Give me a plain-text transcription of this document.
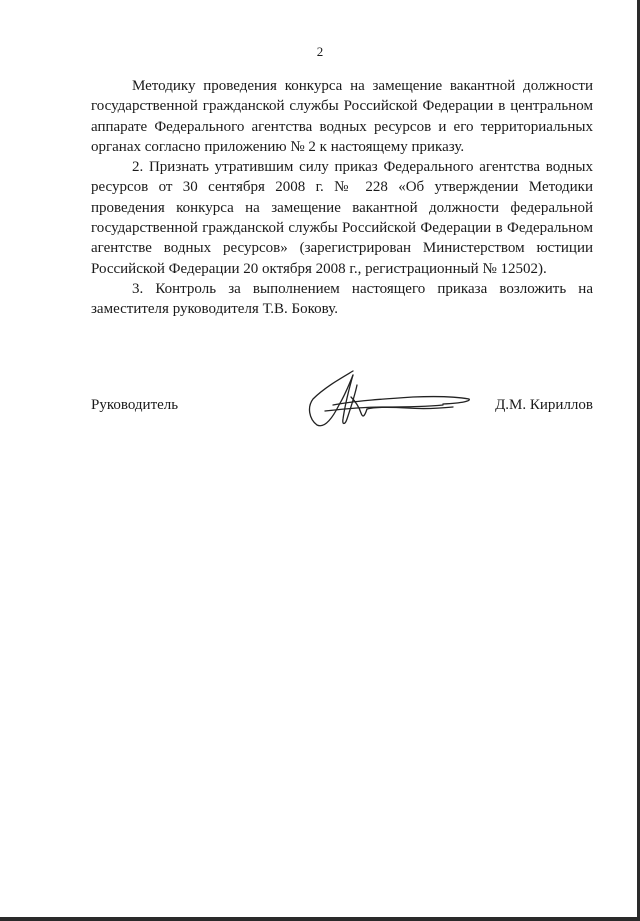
2

Методику проведения конкурса на замещение вакантной должности государственной гражданской службы Российской Федерации в центральном аппарате Федерального агентства водных ресурсов и его территориальных органах согласно приложению № 2 к настоящему приказу.

2. Признать утратившим силу приказ Федерального агентства водных ресурсов от 30 сентября 2008 г. № 228 «Об утверждении Методики проведения конкурса на замещение вакантной должности федеральной государственной гражданской службы Российской Федерации в Федеральном агентстве водных ресурсов» (зарегистрирован Министерством юстиции Российской Федерации 20 октября 2008 г., регистрационный № 12502).

3. Контроль за выполнением настоящего приказа возложить на заместителя руководителя Т.В. Бокову.

Руководитель	Д.М. Кириллов
